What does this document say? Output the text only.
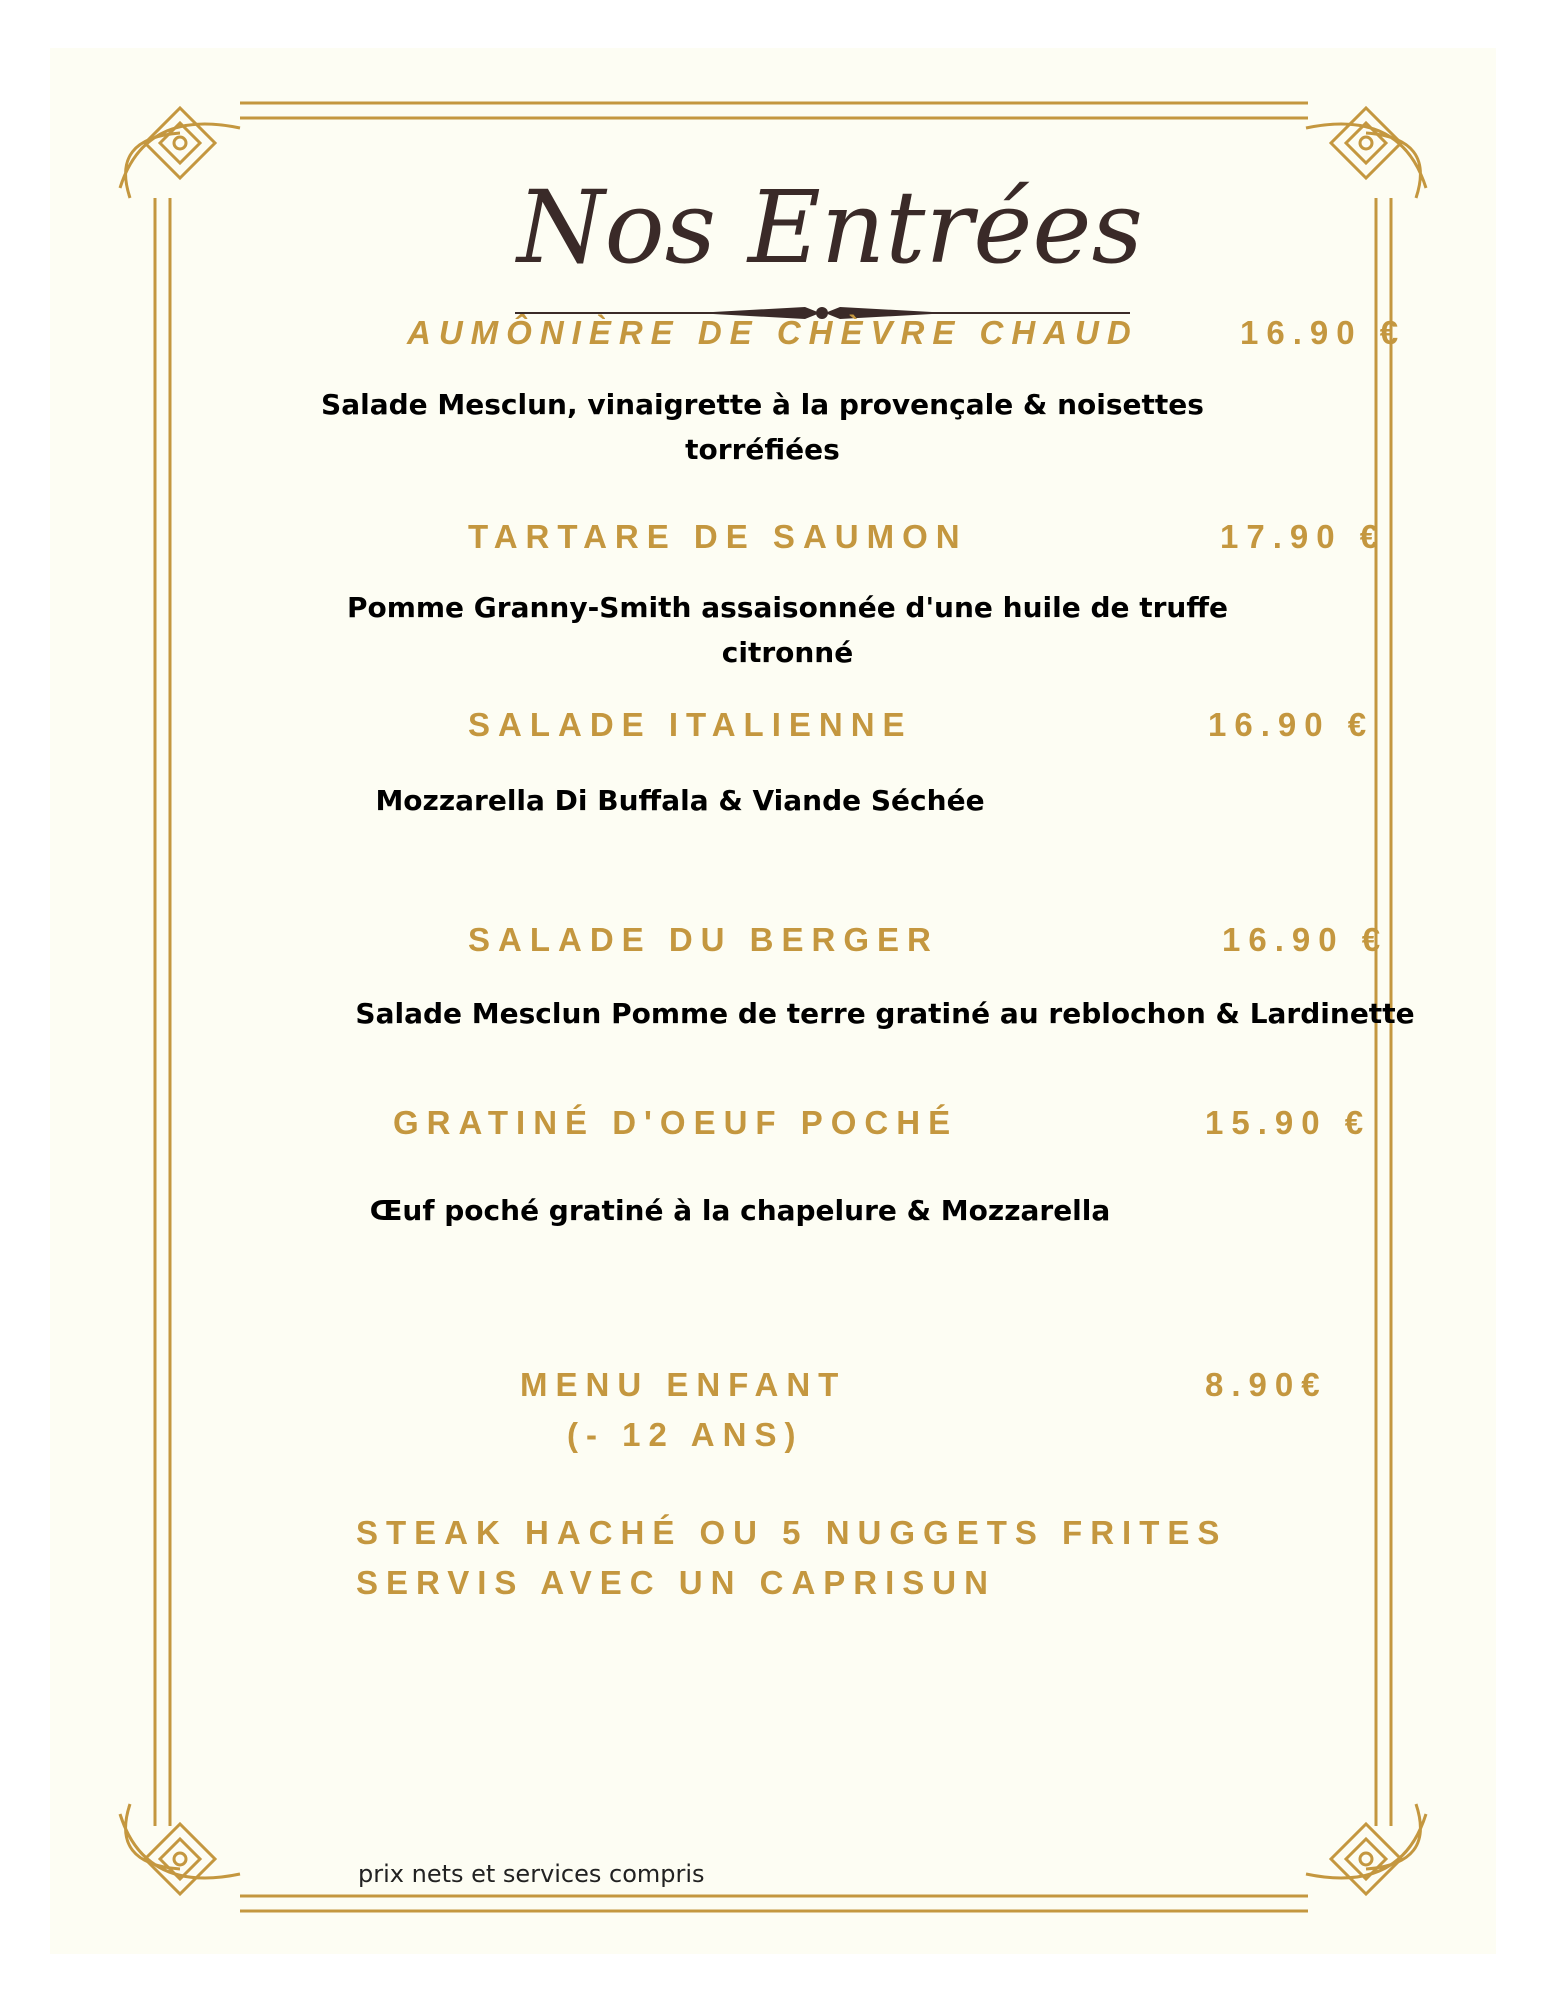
Nos Entrées
AUMÔNIÈRE DE CHÈVRE CHAUD	16.90 €
Salade Mesclun, vinaigrette à la provençale & noisettes
torréfiées
TARTARE DE SAUMON	17.90 €
Pomme Granny-Smith assaisonnée d'une huile de truffe
citronné
SALADE ITALIENNE	16.90 €
Mozzarella Di Buffala & Viande Séchée
SALADE DU BERGER	16.90 €
Salade Mesclun Pomme de terre gratiné au reblochon & Lardinette
GRATINÉ D'OEUF POCHÉ	15.90 €
Œuf poché gratiné à la chapelure & Mozzarella
MENU ENFANT	8.90€
(- 12 ANS)
STEAK HACHÉ OU 5 NUGGETS FRITES
SERVIS AVEC UN CAPRISUN
prix nets et services compris
